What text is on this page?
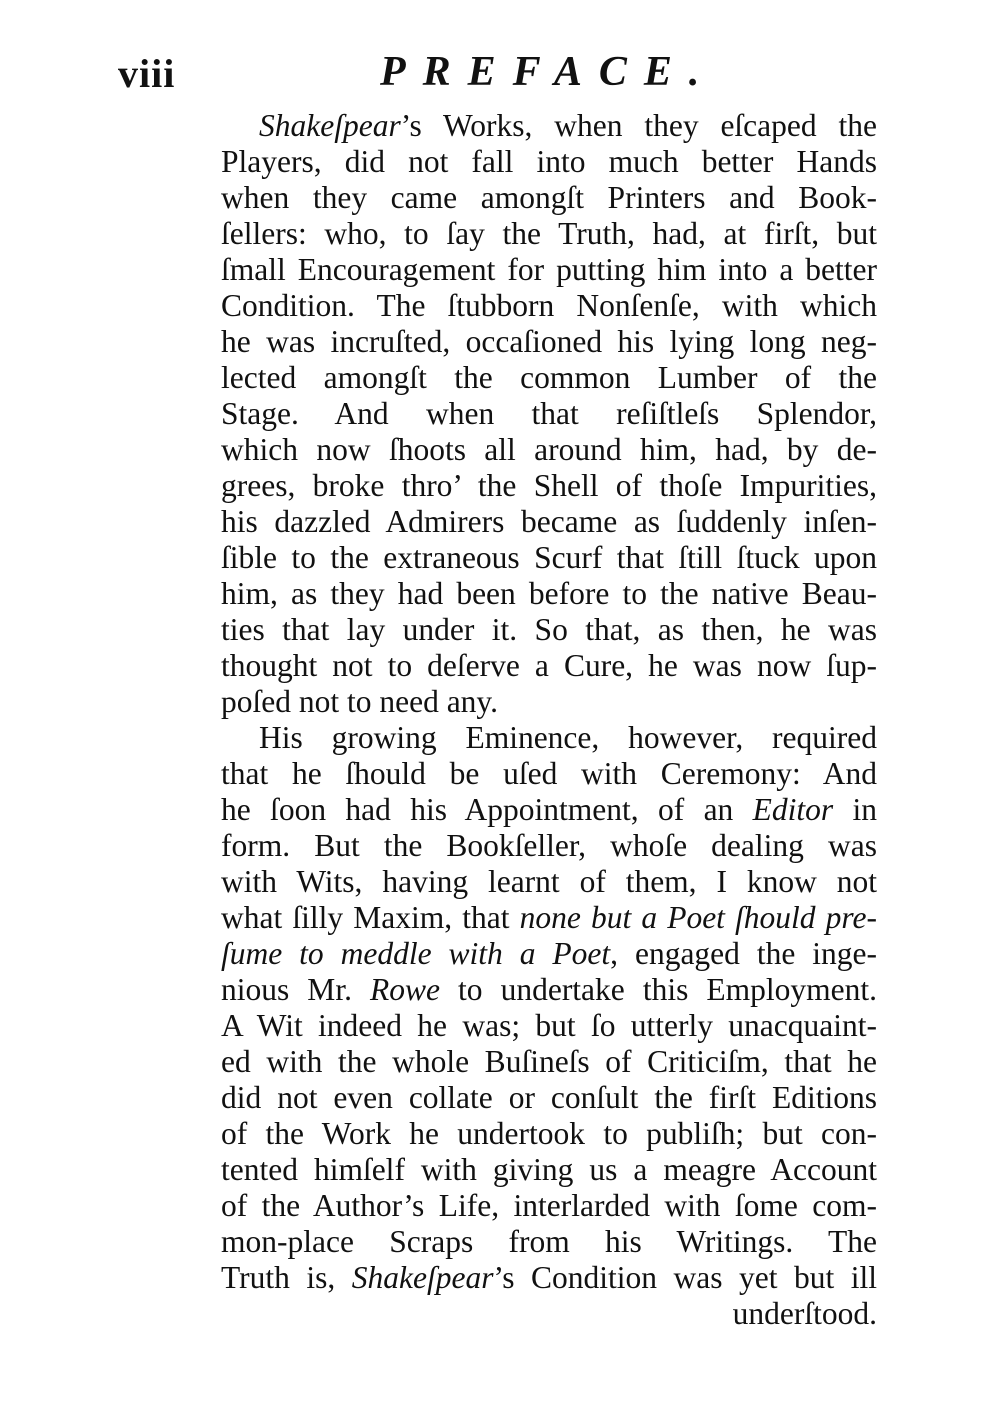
viii	PREFACE.
Shakeſpear’s Works, when they eſcaped the
Players, did not fall into much better Hands
when they came amongſt Printers and Book-
ſellers: who, to ſay the Truth, had, at firſt, but
ſmall Encouragement for putting him into a better
Condition. The ſtubborn Nonſenſe, with which
he was incruſted, occaſioned his lying long neg-
lected amongſt the common Lumber of the
Stage. And when that reſiſtleſs Splendor,
which now ſhoots all around him, had, by de-
grees, broke thro’ the Shell of thoſe Impurities,
his dazzled Admirers became as ſuddenly inſen-
ſible to the extraneous Scurf that ſtill ſtuck upon
him, as they had been before to the native Beau-
ties that lay under it. So that, as then, he was
thought not to deſerve a Cure, he was now ſup-
poſed not to need any.
His growing Eminence, however, required
that he ſhould be uſed with Ceremony: And
he ſoon had his Appointment, of an Editor in
form. But the Bookſeller, whoſe dealing was
with Wits, having learnt of them, I know not
what ſilly Maxim, that none but a Poet ſhould pre-
ſume to meddle with a Poet, engaged the inge-
nious Mr. Rowe to undertake this Employment.
A Wit indeed he was; but ſo utterly unacquaint-
ed with the whole Buſineſs of Criticiſm, that he
did not even collate or conſult the firſt Editions
of the Work he undertook to publiſh; but con-
tented himſelf with giving us a meagre Account
of the Author’s Life, interlarded with ſome com-
mon-place Scraps from his Writings. The
Truth is, Shakeſpear’s Condition was yet but ill
underſtood.
